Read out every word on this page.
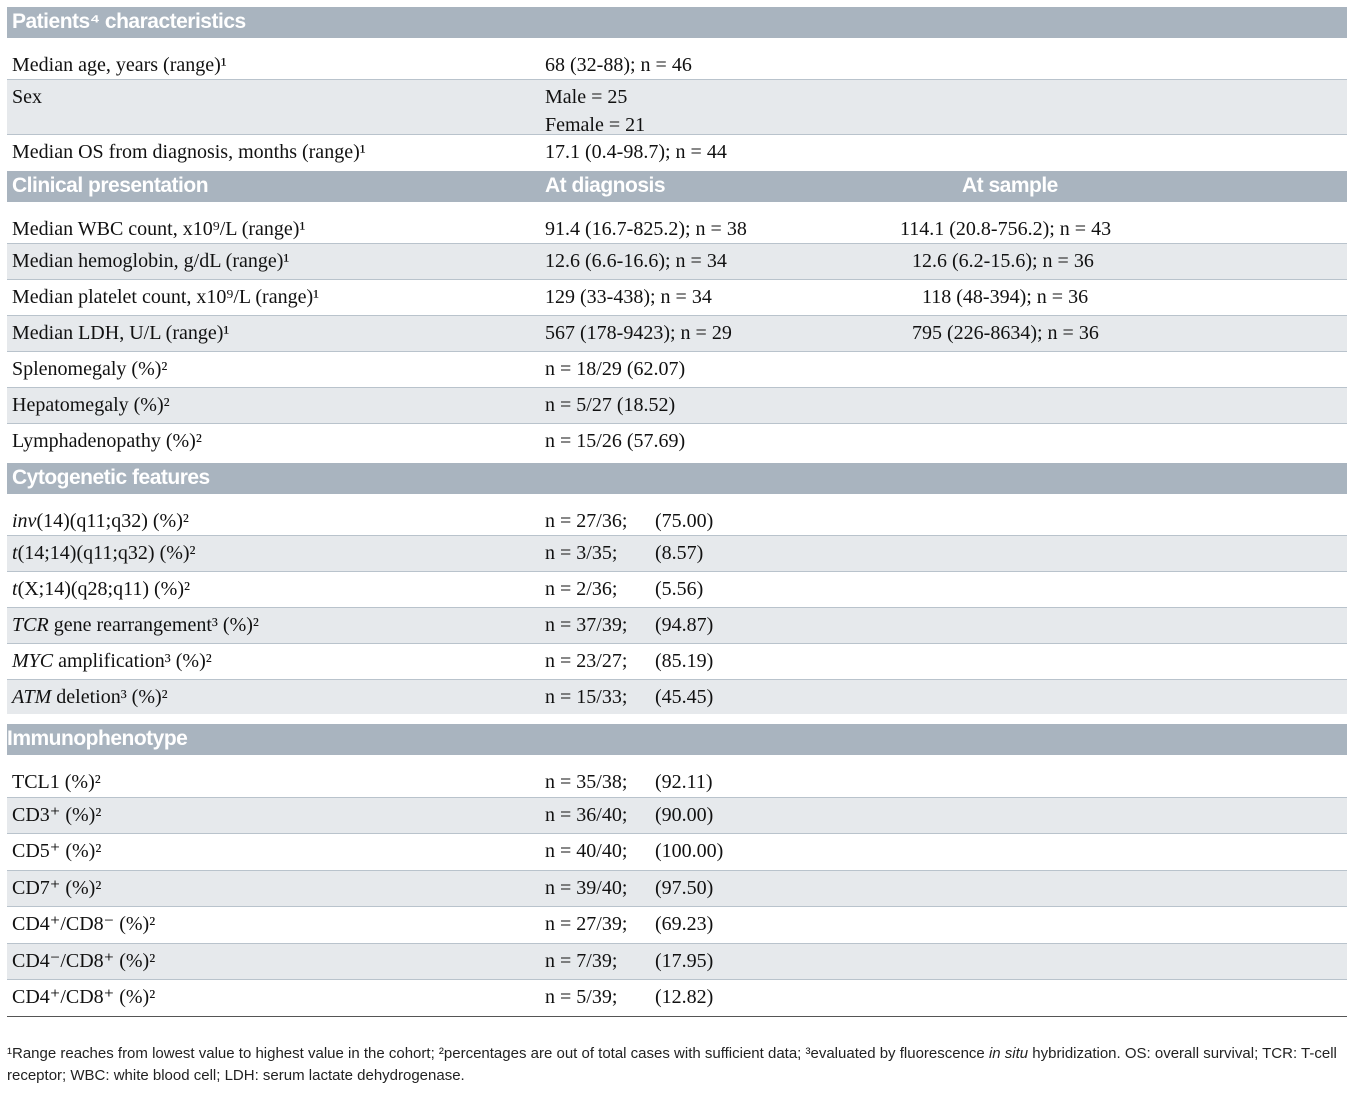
Patients⁴ characteristics
Median age, years (range)¹	68 (32-88); n = 46
Sex	Male = 25
Female = 21
Median OS from diagnosis, months (range)¹	17.1 (0.4-98.7); n = 44
Clinical presentation	At diagnosis	At sample
Median WBC count, x10⁹/L (range)¹	91.4 (16.7-825.2); n = 38	114.1 (20.8-756.2); n = 43
Median hemoglobin, g/dL (range)¹	12.6 (6.6-16.6); n = 34	12.6 (6.2-15.6); n = 36
Median platelet count, x10⁹/L (range)¹	129 (33-438); n = 34	118 (48-394); n = 36
Median LDH, U/L (range)¹	567 (178-9423); n = 29	795 (226-8634); n = 36
Splenomegaly (%)²	n = 18/29 (62.07)
Hepatomegaly (%)²	n = 5/27 (18.52)
Lymphadenopathy (%)²	n = 15/26 (57.69)
Cytogenetic features
inv(14)(q11;q32) (%)²	n = 27/36; (75.00)
t(14;14)(q11;q32) (%)²	n = 3/35; (8.57)
t(X;14)(q28;q11) (%)²	n = 2/36; (5.56)
TCR gene rearrangement³ (%)²	n = 37/39; (94.87)
MYC amplification³ (%)²	n = 23/27; (85.19)
ATM deletion³ (%)²	n = 15/33; (45.45)
Immunophenotype
TCL1 (%)²	n = 35/38; (92.11)
CD3⁺ (%)²	n = 36/40; (90.00)
CD5⁺ (%)²	n = 40/40; (100.00)
CD7⁺ (%)²	n = 39/40; (97.50)
CD4⁺/CD8⁻ (%)²	n = 27/39; (69.23)
CD4⁻/CD8⁺ (%)²	n = 7/39; (17.95)
CD4⁺/CD8⁺ (%)²	n = 5/39; (12.82)
¹Range reaches from lowest value to highest value in the cohort; ²percentages are out of total cases with sufficient data; ³evaluated by fluorescence in situ hybridization. OS: overall survival; TCR: T-cell receptor; WBC: white blood cell; LDH: serum lactate dehydrogenase.
